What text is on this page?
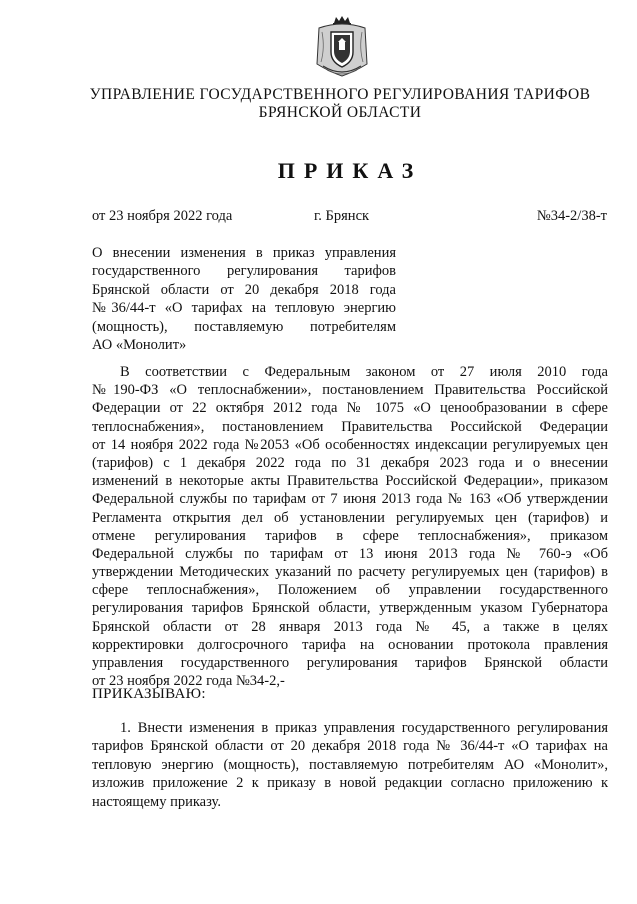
УПРАВЛЕНИЕ ГОСУДАРСТВЕННОГО РЕГУЛИРОВАНИЯ ТАРИФОВ
БРЯНСКОЙ ОБЛАСТИ
ПРИКАЗ
от 23 ноября 2022 года	г. Брянск	№34-2/38-т
О внесении изменения в приказ управления
государственного регулирования тарифов
Брянской области от 20 декабря 2018 года
№36/44-т «О тарифах на тепловую энергию
(мощность), поставляемую потребителям
АО «Монолит»
В соответствии с Федеральным законом от 27 июля 2010 года
№190-ФЗ «О теплоснабжении», постановлением Правительства Российской
Федерации от 22 октября 2012 года № 1075 «О ценообразовании в сфере
теплоснабжения», постановлением Правительства Российской Федерации
от 14 ноября 2022 года №2053 «Об особенностях индексации регулируемых цен
(тарифов) с 1 декабря 2022 года по 31 декабря 2023 года и о внесении
изменений в некоторые акты Правительства Российской Федерации», приказом
Федеральной службы по тарифам от 7 июня 2013 года № 163 «Об утверждении
Регламента открытия дел об установлении регулируемых цен (тарифов) и
отмене регулирования тарифов в сфере теплоснабжения», приказом
Федеральной службы по тарифам от 13 июня 2013 года № 760-э «Об
утверждении Методических указаний по расчету регулируемых цен (тарифов) в
сфере теплоснабжения», Положением об управлении государственного
регулирования тарифов Брянской области, утвержденным указом Губернатора
Брянской области от 28 января 2013 года № 45, а также в целях
корректировки долгосрочного тарифа на основании протокола правления
управления государственного регулирования тарифов Брянской области
от 23 ноября 2022 года №34-2,-
ПРИКАЗЫВАЮ:
1. Внести изменения в приказ управления государственного регулирования
тарифов Брянской области от 20 декабря 2018 года № 36/44-т «О тарифах на
тепловую энергию (мощность), поставляемую потребителям АО «Монолит»,
изложив приложение 2 к приказу в новой редакции согласно приложению к
настоящему приказу.
